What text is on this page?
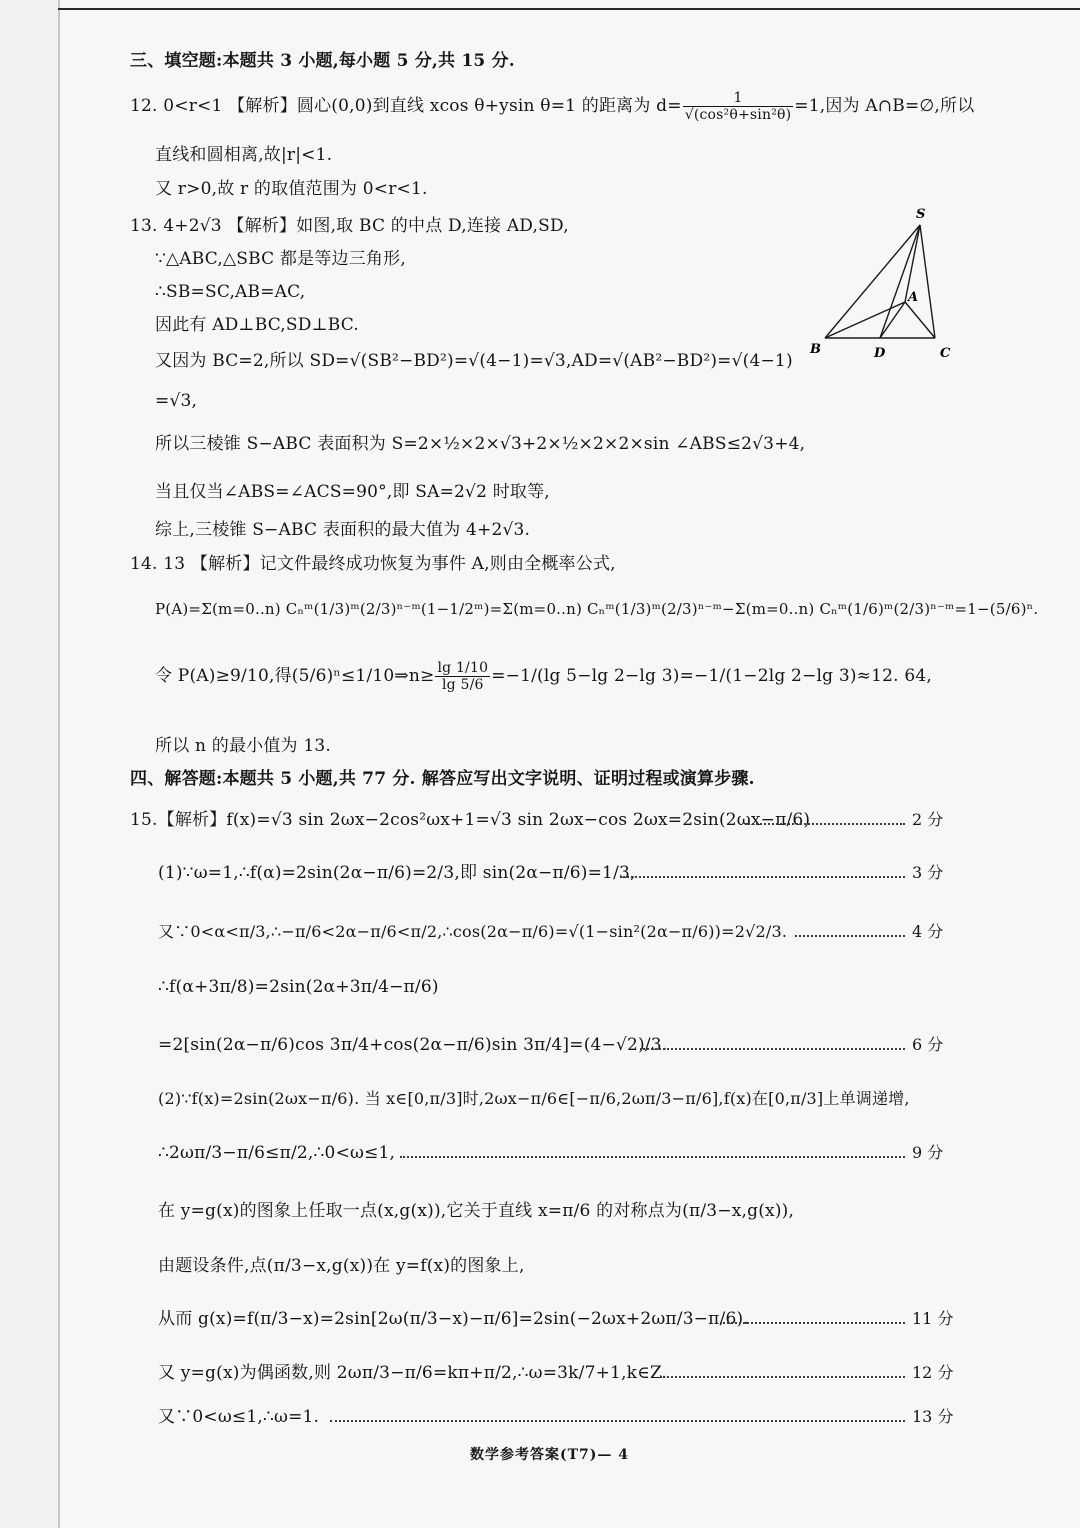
三、填空题:本题共 3 小题,每小题 5 分,共 15 分.
12. 0<r<1 【解析】圆心(0,0)到直线 xcos θ+ysin θ=1 的距离为 $d= \frac{1}{\text{√(cos²θ+sin²θ)}} =1$,因为 A∩B=∅,所以
直线和圆相离,故|r|<1.
又 r>0,故 r 的取值范围为 0<r<1.
13. 4+2√3 【解析】如图,取 BC 的中点 D,连接 AD,SD,
∵△ABC,△SBC 都是等边三角形,
∴SB=SC,AB=AC,
因此有 AD⊥BC,SD⊥BC.
又因为 BC=2,所以 SD=√(SB²−BD²)=√(4−1)=√3,AD=√(AB²−BD²)=√(4−1)
=√3,
所以三棱锥 S−ABC 表面积为 S=2×½×2×√3+2×½×2×2×sin ∠ABS≤2√3+4,
当且仅当∠ABS=∠ACS=90°,即 SA=2√2 时取等,
综上,三棱锥 S−ABC 表面积的最大值为 4+2√3.
S
A
B	D	C
14. 13 【解析】记文件最终成功恢复为事件 A,则由全概率公式,
P(A)=Σ(m=0..n) Cₙᵐ(1/3)ᵐ(2/3)ⁿ⁻ᵐ(1−1/2ᵐ)=Σ(m=0..n) Cₙᵐ(1/3)ᵐ(2/3)ⁿ⁻ᵐ−Σ(m=0..n) Cₙᵐ(1/6)ᵐ(2/3)ⁿ⁻ᵐ=1−(5/6)ⁿ.
令 P(A)≥9/10,得(5/6)ⁿ≤1/10⇒n≥ $\frac{\lg 1/10}{\lg 5/6} =-1/(\lg$ 5−lg 2−lg 3)=−1/(1−2lg 2−lg 3)≈12. 64,
所以 n 的最小值为 13.
四、解答题:本题共 5 小题,共 77 分. 解答应写出文字说明、证明过程或演算步骤.
15.【解析】f(x)=√3 sin 2ωx−2cos²ωx+1=√3 sin 2ωx−cos 2ωx=2sin(2ωx−π/6).	2 分
(1)∵ω=1,∴f(α)=2sin(2α−π/6)=2/3,即 sin(2α−π/6)=1/3,	3 分
又∵0<α<π/3,∴−π/6<2α−π/6<π/2,∴cos(2α−π/6)=√(1−sin²(2α−π/6))=2√2/3.	4 分
∴f(α+3π/8)=2sin(2α+3π/4−π/6)
=2[sin(2α−π/6)cos 3π/4+cos(2α−π/6)sin 3π/4]=(4−√2)/3.	6 分
(2)∵f(x)=2sin(2ωx−π/6). 当 x∈[0,π/3]时,2ωx−π/6∈[−π/6,2ωπ/3−π/6],f(x)在[0,π/3]上单调递增,
∴2ωπ/3−π/6≤π/2,∴0<ω≤1,	9 分
在 y=g(x)的图象上任取一点(x,g(x)),它关于直线 x=π/6 的对称点为(π/3−x,g(x)),
由题设条件,点(π/3−x,g(x))在 y=f(x)的图象上,
从而 g(x)=f(π/3−x)=2sin[2ω(π/3−x)−π/6]=2sin(−2ωx+2ωπ/3−π/6).	11 分
又 y=g(x)为偶函数,则 2ωπ/3−π/6=kπ+π/2,∴ω=3k/7+1,k∈Z.	12 分
又∵0<ω≤1,∴ω=1.	13 分
数学参考答案(T7)— 4
